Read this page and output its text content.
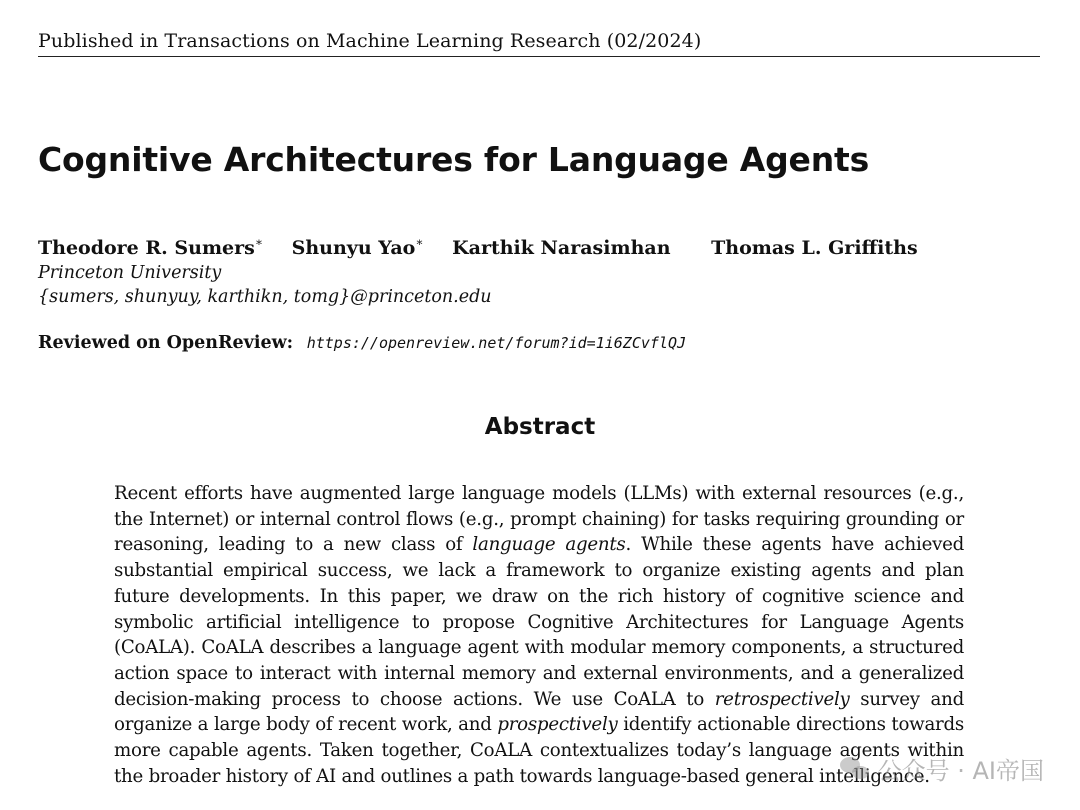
Published in Transactions on Machine Learning Research (02/2024)
Cognitive Architectures for Language Agents
Theodore R. Sumers∗ Shunyu Yao∗ Karthik Narasimhan Thomas L. Griffiths
Princeton University
{sumers, shunyuy, karthikn, tomg}@princeton.edu
Reviewed on OpenReview: https://openreview.net/forum?id=1i6ZCvflQJ
Abstract

Recent efforts have augmented large language models (LLMs) with external resources (e.g., the Internet) or internal control flows (e.g., prompt chaining) for tasks requiring grounding or reasoning, leading to a new class of language agents. While these agents have achieved substantial empirical success, we lack a framework to organize existing agents and plan future developments. In this paper, we draw on the rich history of cognitive science and symbolic artificial intelligence to propose Cognitive Architectures for Language Agents (CoALA). CoALA describes a language agent with modular memory components, a structured action space to interact with internal memory and external environments, and a generalized decision-making process to choose actions. We use CoALA to retrospectively survey and organize a large body of recent work, and prospectively identify actionable directions towards more capable agents. Taken together, CoALA contextualizes today’s language agents within the broader history of AI and outlines a path towards language-based general intelligence.

公众号 · AI帝国
